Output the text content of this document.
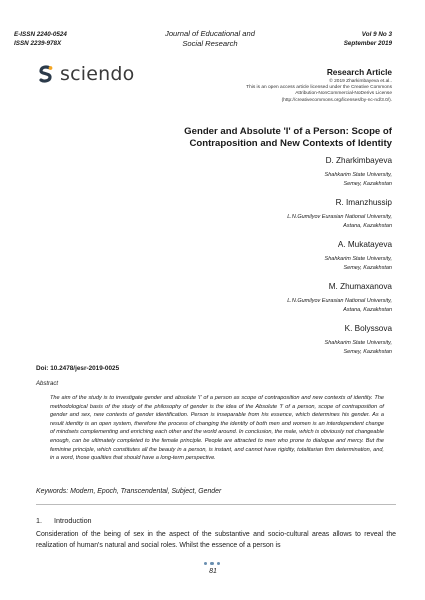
E-ISSN 2240-0524
ISSN 2239-978X
Journal of Educational and
Social Research
Vol 9 No 3
September 2019
sciendo	Research Article
© 2019 Zharkimbayeva et.al..
This is an open access article licensed under the Creative Commons
Attribution-NonCommercial-NoDerivs License
(http://creativecommons.org/licenses/by-nc-nd/3.0/).
Gender and Absolute 'I' of a Person: Scope of
Contraposition and New Contexts of Identity
D. Zharkimbayeva
Shahkarim State University,
Semey, Kazakhstan
R. Imanzhussip
L.N.Gumilyov Eurasian National University,
Astana, Kazakhstan
A. Mukatayeva
Shahkarim State University,
Semey, Kazakhstan
M. Zhumaxanova
L.N.Gumilyov Eurasian National University,
Astana, Kazakhstan
K. Bolyssova
Shahkarim State University,
Semey, Kazakhstan
Doi: 10.2478/jesr-2019-0025
Abstract
The aim of the study is to investigate gender and absolute 'I' of a person as scope of contraposition and new contexts of identity. The methodological basis of the study of the philosophy of gender is the idea of the Absolute 'I' of a person, scope of contraposition of gender and sex, new contexts of gender identification. Person is inseparable from his essence, which determines his gender. As a result identity is an open system, therefore the process of changing the identity of both men and women is an interdependent change of mindsets complementing and enriching each other and the world around. In conclusion, the male, which is obviously not changeable enough, can be ultimately completed to the female principle. People are attracted to men who prone to dialogue and mercy. But the feminine principle, which constitutes all the beauty in a person, is instant, and cannot have rigidity, totalitarian firm determination, and, in a word, those qualities that should have a long-term perspective.
Keywords: Modern, Epoch, Transcendental, Subject, Gender
1. Introduction
Consideration of the being of sex in the aspect of the substantive and socio-cultural areas allows to reveal the realization of human's natural and social roles. Whilst the essence of a person is
81
